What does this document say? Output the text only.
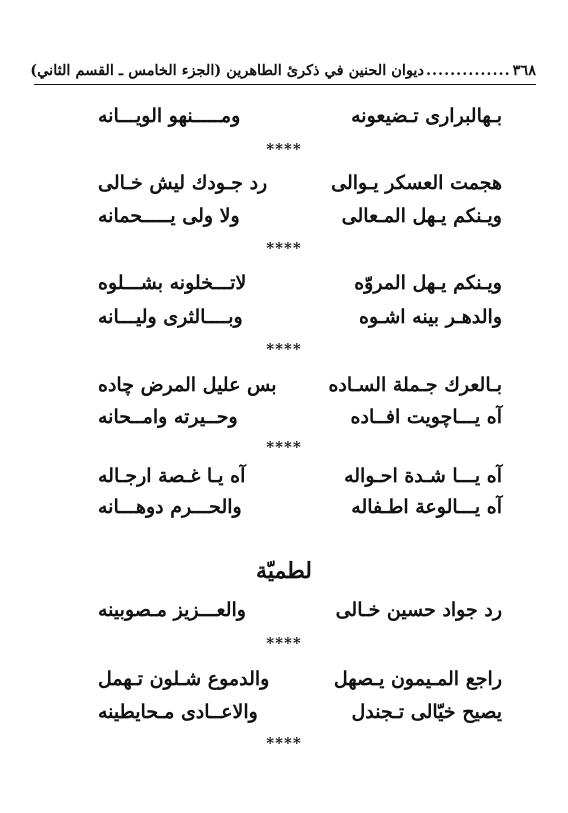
٣٦٨..............ديوان الحنين في ذكرئ الطاهرين (الجزء الخامس ـ القسم الثاني)
بـهالبرارى تـضيعونه
ومـــــنهو الويـــانه
****
هجمت العسكر يـوالى
رد جـودك ليش خـالى
ويـنكم يـهل المـعالى
ولا ولى يـــــحمانه
****
ويـنكم يـهل المروّه
لاتـــخلونه بشـــلوه
والدهـر بينه اشـوه
وبــــالثرى وليـــانه
****
بـالعرك جـملة السـاده
بس عليل المرض چاده
آه يـــاچويت افــاده
وحــيرته وامــحانه
****
آه يـــا شـدة احـواله
آه يـا غـصة ارجـاله
آه يـــالوعة اطـفاله
والحـــرم دوهـــانه
لطميّة
رد جواد حسين خـالى
والعـــزيز مـصوبينه
****
راجع المـيمون يـصهل
والدموع شـلون تـهمل
يصيح خيّالى تـجندل
والاعــادى مـحايطينه
****
